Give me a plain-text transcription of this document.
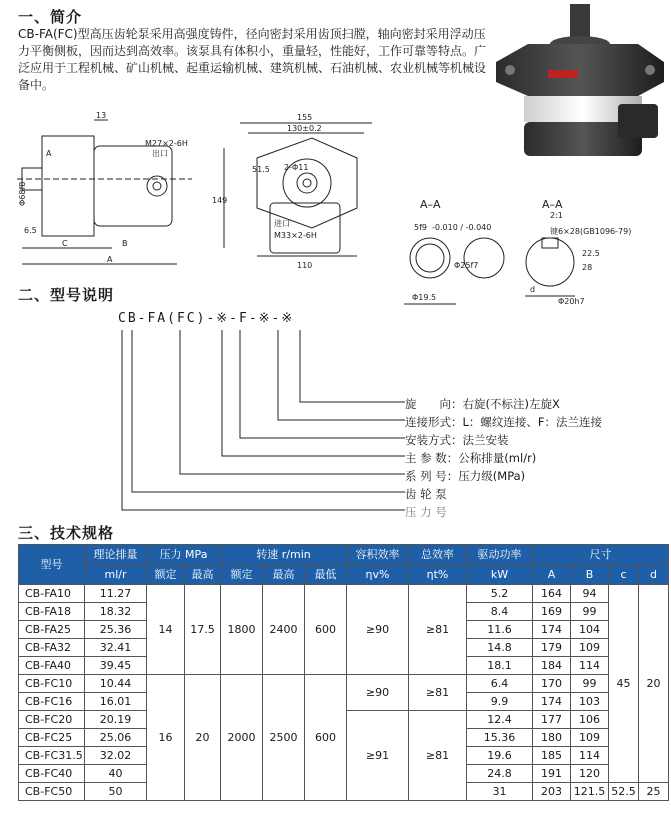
一、简介
CB-FA(FC)型高压齿轮泵采用高强度铸件，径向密封采用齿顶扫膛，轴向密封采用浮动压力平衡侧板，因而达到高效率。该泵具有体积小，重量轻，性能好，工作可靠等特点。广泛应用于工程机械、矿山机械、起重运输机械、建筑机械、石油机械、农业机械等机械设备中。
13
6.5
C	B
A
M27×2-6H
出口
A
Φ68f8
155
130±0.2
51.5
149
110
进口
M33×2-6H
2-Φ11
A–A
5f9 -0.010 / -0.040
Φ25f7
Φ19.5
A–A
2:1
键6×28(GB1096-79)
22.5
28
d
Φ20h7
二、型号说明
CB-FA(FC)-※-F-※-※
旋　　向：右旋(不标注)左旋X
连接形式：L：螺纹连接、F：法兰连接
安装方式：法兰安装
主 参 数：公称排量(ml/r)
系 列 号：压力级(MPa)
齿 轮 泵
压 力 号
三、技术规格
型号	理论排量	压力 MPa		转速 r/min			容积效率	总效率	驱动功率	尺寸			
	ml/r	额定	最高	额定	最高	最低	ηv%	ηt%	kW	A	B	c	d
CB-FA10	11.27	14	17.5	1800	2400	600	≥90	≥81	5.2	164	94	45	20
CB-FA18	18.32								8.4	169	99		
CB-FA25	25.36								11.6	174	104		
CB-FA32	32.41								14.8	179	109		
CB-FA40	39.45								18.1	184	114		
CB-FC10	10.44	16	20	2000	2500	600	≥90	≥81	6.4	170	99		
CB-FC16	16.01								9.9	174	103		
CB-FC20	20.19						≥91	≥81	12.4	177	106		
CB-FC25	25.06								15.36	180	109		
CB-FC31.5	32.02								19.6	185	114		
CB-FC40	40								24.8	191	120		
CB-FC50	50								31	203	121.5	52.5	25
